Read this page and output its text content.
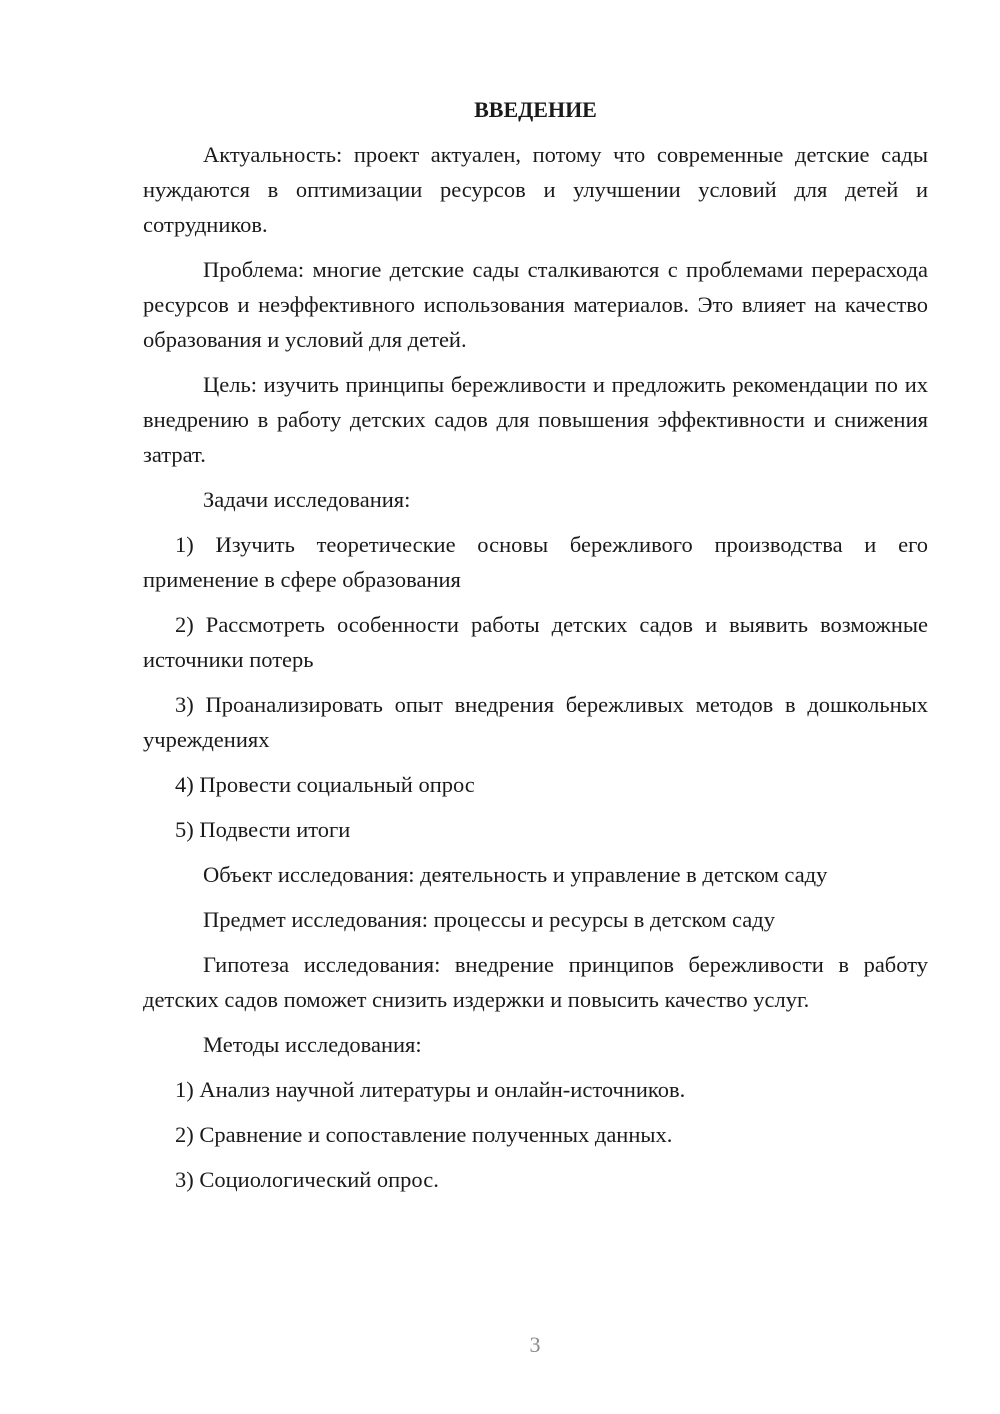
ВВЕДЕНИЕ

Актуальность: проект актуален, потому что современные детские сады нуждаются в оптимизации ресурсов и улучшении условий для детей и сотрудников.

Проблема: многие детские сады сталкиваются с проблемами перерасхода ресурсов и неэффективного использования материалов. Это влияет на качество образования и условий для детей.

Цель: изучить принципы бережливости и предложить рекомендации по их внедрению в работу детских садов для повышения эффективности и снижения затрат.

Задачи исследования:

1) Изучить теоретические основы бережливого производства и его применение в сфере образования

2) Рассмотреть особенности работы детских садов и выявить возможные источники потерь

3) Проанализировать опыт внедрения бережливых методов в дошкольных учреждениях

4) Провести социальный опрос

5) Подвести итоги

Объект исследования: деятельность и управление в детском саду

Предмет исследования: процессы и ресурсы в детском саду

Гипотеза исследования: внедрение принципов бережливости в работу детских садов поможет снизить издержки и повысить качество услуг.

Методы исследования:

1) Анализ научной литературы и онлайн-источников.

2) Сравнение и сопоставление полученных данных.

3) Социологический опрос.

3
